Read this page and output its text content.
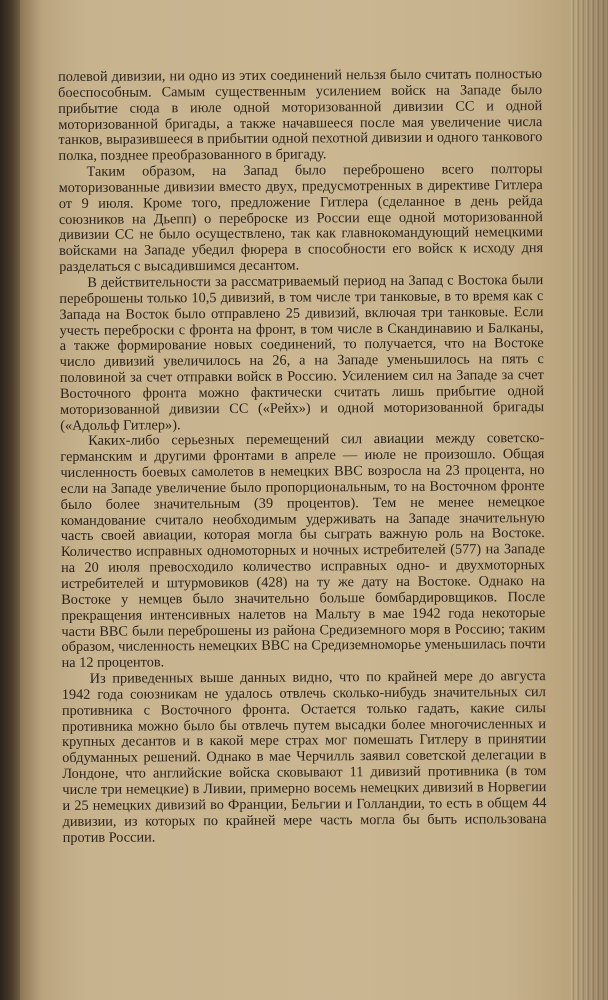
полевой дивизии, ни одно из этих соединений нельзя было считать полностью боеспособным. Самым существенным усилением войск на Западе было прибытие сюда в июле одной моторизованной дивизии СС и одной моторизованной бригады, а также начавшееся после мая увеличение числа танков, выразившееся в прибытии одной пехотной дивизии и одного танкового полка, позднее преобразованного в бригаду.

Таким образом, на Запад было переброшено всего полторы моторизованные дивизии вместо двух, предусмотренных в директиве Гитлера от 9 июля. Кроме того, предложение Гитлера (сделанное в день рейда союзников на Дьепп) о переброске из России еще одной моторизованной дивизии СС не было осуществлено, так как главнокомандующий немецкими войсками на Западе убедил фюрера в способности его войск к исходу дня разделаться с высадившимся десантом.

В действительности за рассматриваемый период на Запад с Востока были переброшены только 10,5 дивизий, в том числе три танковые, в то время как с Запада на Восток было отправлено 25 дивизий, включая три танковые. Если учесть переброски с фронта на фронт, в том числе в Скандинавию и Балканы, а также формирование новых соединений, то получается, что на Востоке число дивизий увеличилось на 26, а на Западе уменьшилось на пять с половиной за счет отправки войск в Россию. Усилением сил на Западе за счет Восточного фронта можно фактически считать лишь прибытие одной моторизованной дивизии СС («Рейх») и одной моторизованной бригады («Адольф Гитлер»).

Каких-либо серьезных перемещений сил авиации между советско-германским и другими фронтами в апреле — июле не произошло. Общая численность боевых самолетов в немецких ВВС возросла на 23 процента, но если на Западе увеличение было пропорциональным, то на Восточном фронте было более значительным (39 процентов). Тем не менее немецкое командование считало необходимым удерживать на Западе значительную часть своей авиации, которая могла бы сыграть важную роль на Востоке. Количество исправных одномоторных и ночных истребителей (577) на Западе на 20 июля превосходило количество исправных одно- и двухмоторных истребителей и штурмовиков (428) на ту же дату на Востоке. Однако на Востоке у немцев было значительно больше бомбардировщиков. После прекращения интенсивных налетов на Мальту в мае 1942 года некоторые части ВВС были переброшены из района Средиземного моря в Россию; таким образом, численность немецких ВВС на Средиземноморье уменьшилась почти на 12 процентов.

Из приведенных выше данных видно, что по крайней мере до августа 1942 года союзникам не удалось отвлечь сколько-нибудь значительных сил противника с Восточного фронта. Остается только гадать, какие силы противника можно было бы отвлечь путем высадки более многочисленных и крупных десантов и в какой мере страх мог помешать Гитлеру в принятии обдуманных решений. Однако в мае Черчилль заявил советской делегации в Лондоне, что английские войска сковывают 11 дивизий противника (в том числе три немецкие) в Ливии, примерно восемь немецких дивизий в Норвегии и 25 немецких дивизий во Франции, Бельгии и Голландии, то есть в общем 44 дивизии, из которых по крайней мере часть могла бы быть использована против России.
